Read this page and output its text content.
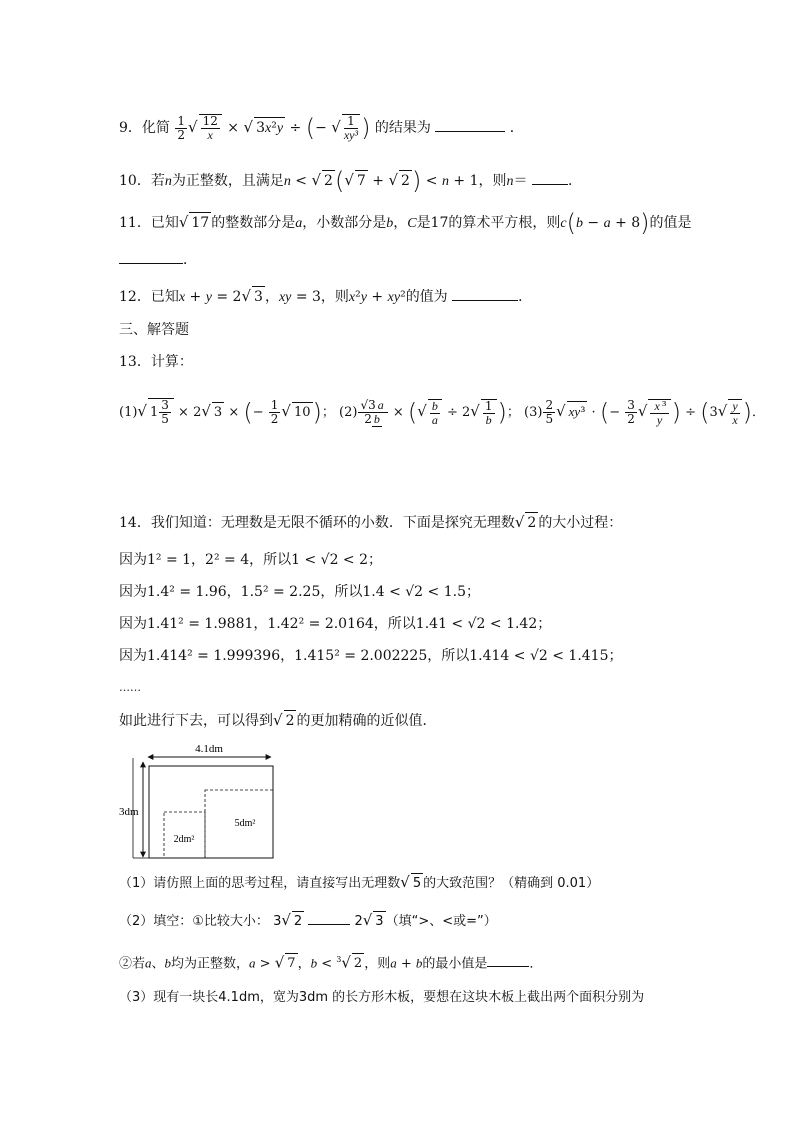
9．化简 $\frac{1}{2}$ √ $\frac{12}{x}$ × √ 3x²y ÷ (− √ $\frac{1}{\text{xy³}}$ ) 的结果为	．
10．若n为正整数，且满足n < √ 2(√ 7 + √ 2) < n + 1，则n＝	．
11．已知√ 17 的整数部分是a，小数部分是b，C是17的算术平方根，则c(b − a + 8)的值是
．
12．已知x + y = 2√ 3 ，xy = 3，则x²y + xy²的值为	．
三、解答题
13．计算：
(1)√ $1 \frac{3}{5} \times 2√$ 3 × (− $\frac{1}{2}$ √ 10)； $(2) \frac{√3 a}{2 b}$ × (√ $\frac{b}{a} \div 2√ \frac{1}{b}$ )； $(3) \frac{2}{5}$ √ xy³ · (− $\frac{3}{2}$ √ $\frac{\text{x ³}}{y}$ ) ÷ ($3√ \frac{y}{x}$ )．
14．我们知道：无理数是无限不循环的小数．下面是探究无理数√ 2 的大小过程：
因为1² = 1，2² = 4，所以1 < √2 < 2；
因为1.4² = 1.96，1.5² = 2.25，所以1.4 < √2 < 1.5；
因为1.41² = 1.9881，1.42² = 2.0164，所以1.41 < √2 < 1.42；
因为1.414² = 1.999396，1.415² = 2.002225，所以1.414 < √2 < 1.415；
……
如此进行下去，可以得到√ 2 的更加精确的近似值．
4.1dm
3dm
2dm²
5dm²
（1）请仿照上面的思考过程，请直接写出无理数√ 5 的大致范围？（精确到 0.01）
（2）填空：①比较大小： 3√ 2	2√ 3 （填“>、<或=”）
②若a、b均为正整数，a > √ 7 ，b < $^3$√ 2 ，则a + b的最小值是	．
（3）现有一块长4.1dm，宽为3dm 的长方形木板，要想在这块木板上截出两个面积分别为
